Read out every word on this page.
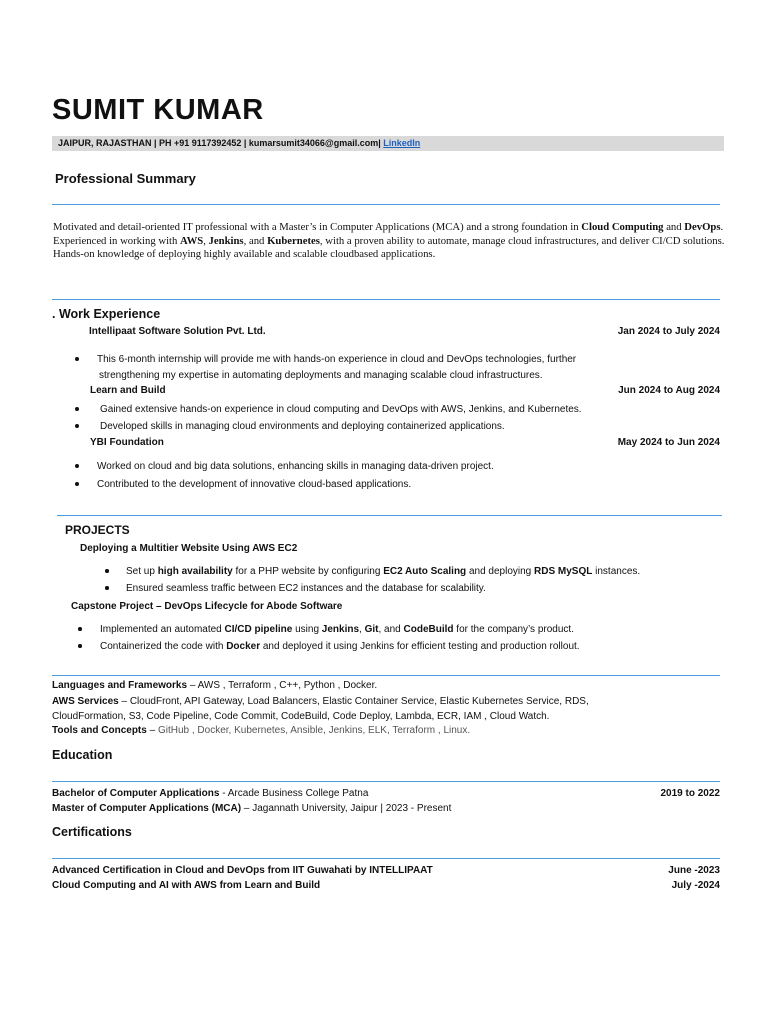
SUMIT KUMAR
JAIPUR, RAJASTHAN | PH +91 9117392452 | kumarsumit34066@gmail.com| LinkedIn
Professional Summary
Motivated and detail-oriented IT professional with a Master’s in Computer Applications (MCA) and a strong foundation in Cloud Computing and DevOps. Experienced in working with AWS, Jenkins, and Kubernetes, with a proven ability to automate, manage cloud infrastructures, and deliver CI/CD solutions. Hands-on knowledge of deploying highly available and scalable cloudbased applications.
. Work Experience
Intellipaat Software Solution Pvt. Ltd.	Jan 2024 to July 2024
This 6-month internship will provide me with hands-on experience in cloud and DevOps technologies, further
strengthening my expertise in automating deployments and managing scalable cloud infrastructures.
Learn and Build	Jun 2024 to Aug 2024
Gained extensive hands-on experience in cloud computing and DevOps with AWS, Jenkins, and Kubernetes.
Developed skills in managing cloud environments and deploying containerized applications.
YBI Foundation	May 2024 to Jun 2024
Worked on cloud and big data solutions, enhancing skills in managing data-driven project.
Contributed to the development of innovative cloud-based applications.
PROJECTS
Deploying a Multitier Website Using AWS EC2
Set up high availability for a PHP website by configuring EC2 Auto Scaling and deploying RDS MySQL instances.
Ensured seamless traffic between EC2 instances and the database for scalability.
Capstone Project – DevOps Lifecycle for Abode Software
Implemented an automated CI/CD pipeline using Jenkins, Git, and CodeBuild for the company’s product.
Containerized the code with Docker and deployed it using Jenkins for efficient testing and production rollout.
Languages and Frameworks – AWS , Terraform , C++, Python , Docker.
AWS Services – CloudFront, API Gateway, Load Balancers, Elastic Container Service, Elastic Kubernetes Service, RDS,
CloudFormation, S3, Code Pipeline, Code Commit, CodeBuild, Code Deploy, Lambda, ECR, IAM , Cloud Watch.
Tools and Concepts – GitHub , Docker, Kubernetes, Ansible, Jenkins, ELK, Terraform , Linux.
Education
Bachelor of Computer Applications - Arcade Business College Patna	2019 to 2022
Master of Computer Applications (MCA) – Jagannath University, Jaipur | 2023 - Present
Certifications
Advanced Certification in Cloud and DevOps from IIT Guwahati by INTELLIPAAT	June -2023
Cloud Computing and AI with AWS from Learn and Build	July -2024
